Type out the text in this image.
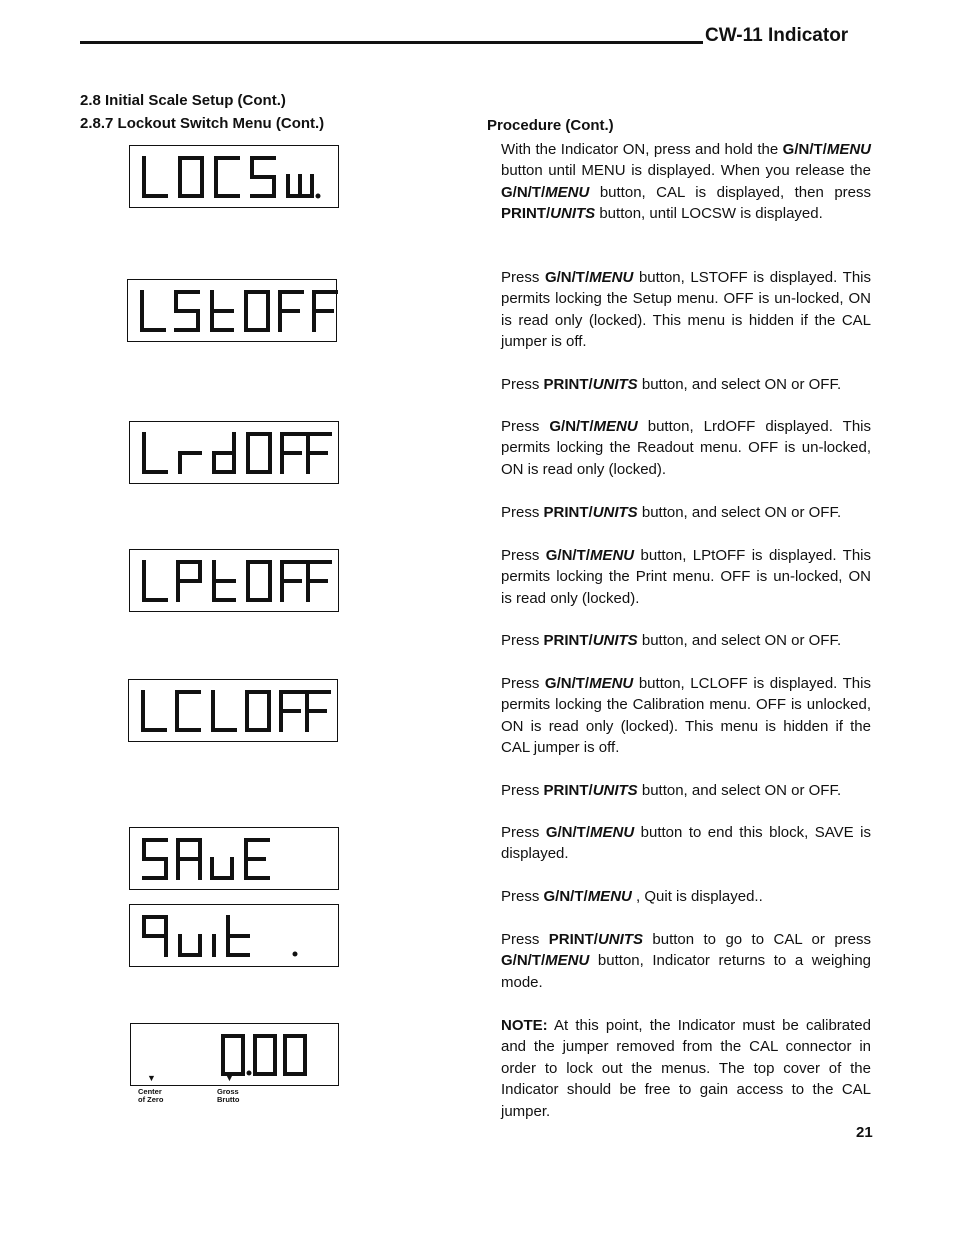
CW-11 Indicator
2.8 Initial Scale Setup (Cont.)
2.8.7 Lockout Switch Menu (Cont.)	Procedure (Cont.)
▼	▼
Center
of Zero
Gross
Brutto

With the Indicator ON, press and hold the G/N/T/MENU button until MENU is displayed. When you release the G/N/T/MENU button, CAL is displayed, then press PRINT/UNITS button, until LOCSW is displayed.

Press G/N/T/MENU button, LSTOFF is displayed. This permits locking the Setup menu. OFF is un-locked, ON is read only (locked). This menu is hidden if the CAL jumper is off.

Press PRINT/UNITS button, and select ON or OFF.

Press G/N/T/MENU button, LrdOFF displayed. This permits locking the Readout menu. OFF is un-locked, ON is read only (locked).

Press PRINT/UNITS button, and select ON or OFF.

Press G/N/T/MENU button, LPtOFF is displayed. This permits locking the Print menu. OFF is un-locked, ON is read only (locked).

Press PRINT/UNITS button, and select ON or OFF.

Press G/N/T/MENU button, LCLOFF is displayed. This permits locking the Calibration menu. OFF is unlocked, ON is read only (locked). This menu is hidden if the CAL jumper is off.

Press PRINT/UNITS button, and select ON or OFF.

Press G/N/T/MENU button to end this block, SAVE is displayed.

Press G/N/T/MENU , Quit is displayed..

Press PRINT/UNITS button to go to CAL or press G/N/T/MENU button, Indicator returns to a weighing mode.

NOTE: At this point, the Indicator must be calibrated and the jumper removed from the CAL connector in order to lock out the menus. The top cover of the Indicator should be free to gain access to the CAL jumper.

21
